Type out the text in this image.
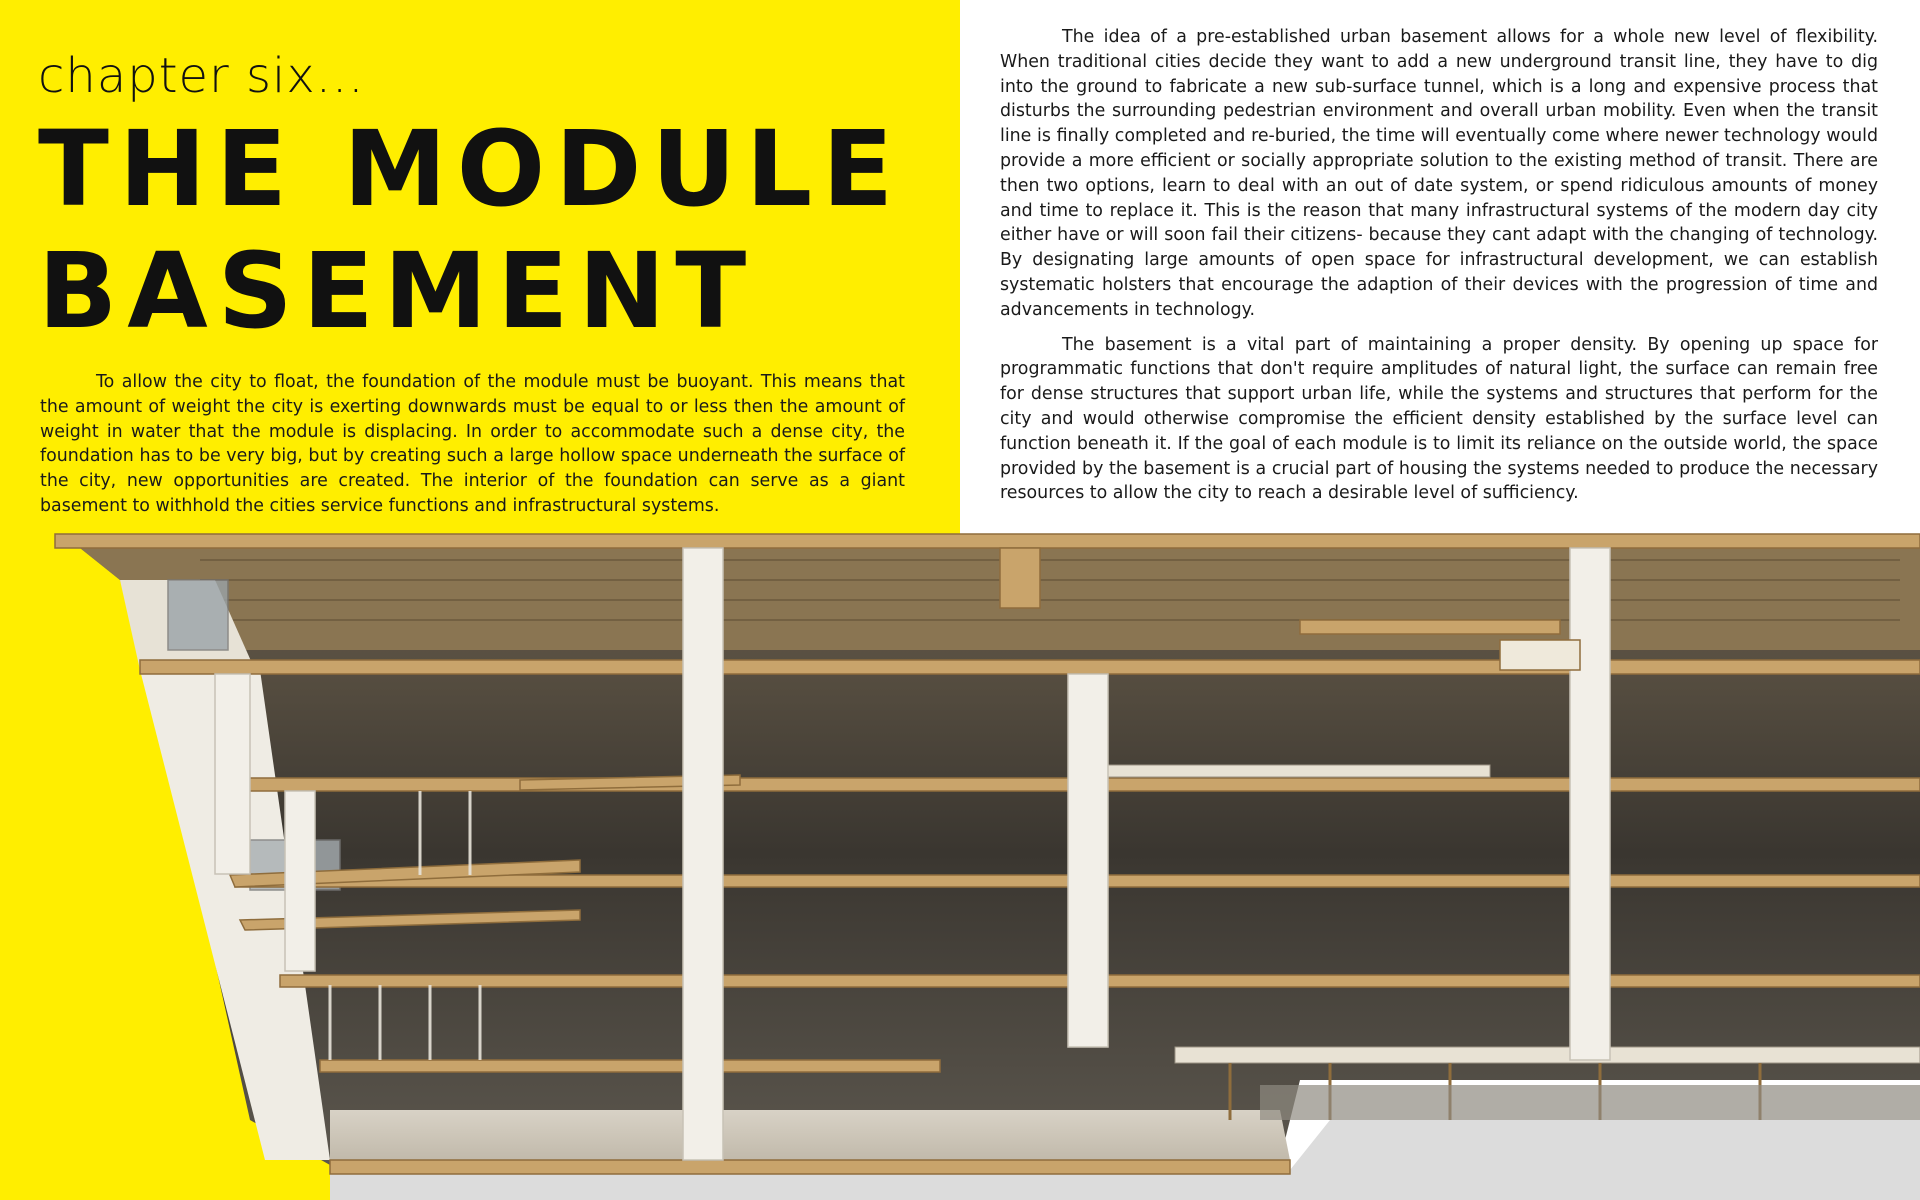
chapter six...
THE MODULE
BASEMENT

To allow the city to float, the foundation of the module must be buoyant. This means that the amount of weight the city is exerting downwards must be equal to or less then the amount of weight in water that the module is displacing. In order to accommodate such a dense city, the foundation has to be very big, but by creating such a large hollow space underneath the surface of the city, new opportunities are created. The interior of the foundation can serve as a giant basement to withhold the cities service functions and infrastructural systems.

The idea of a pre-established urban basement allows for a whole new level of flexibility. When traditional cities decide they want to add a new underground transit line, they have to dig into the ground to fabricate a new sub-surface tunnel, which is a long and expensive process that disturbs the surrounding pedestrian environment and overall urban mobility. Even when the transit line is finally completed and re-buried, the time will eventually come where newer technology would provide a more efficient or socially appropriate solution to the existing method of transit. There are then two options, learn to deal with an out of date system, or spend ridiculous amounts of money and time to replace it. This is the reason that many infrastructural systems of the modern day city either have or will soon fail their citizens- because they cant adapt with the changing of technology. By designating large amounts of open space for infrastructural development, we can establish systematic holsters that encourage the adaption of their devices with the progression of time and advancements in technology.

The basement is a vital part of maintaining a proper density. By opening up space for programmatic functions that don't require amplitudes of natural light, the surface can remain free for dense structures that support urban life, while the systems and structures that perform for the city and would otherwise compromise the efficient density established by the surface level can function beneath it. If the goal of each module is to limit its reliance on the outside world, the space provided by the basement is a crucial part of housing the systems needed to produce the necessary resources to allow the city to reach a desirable level of sufficiency.
